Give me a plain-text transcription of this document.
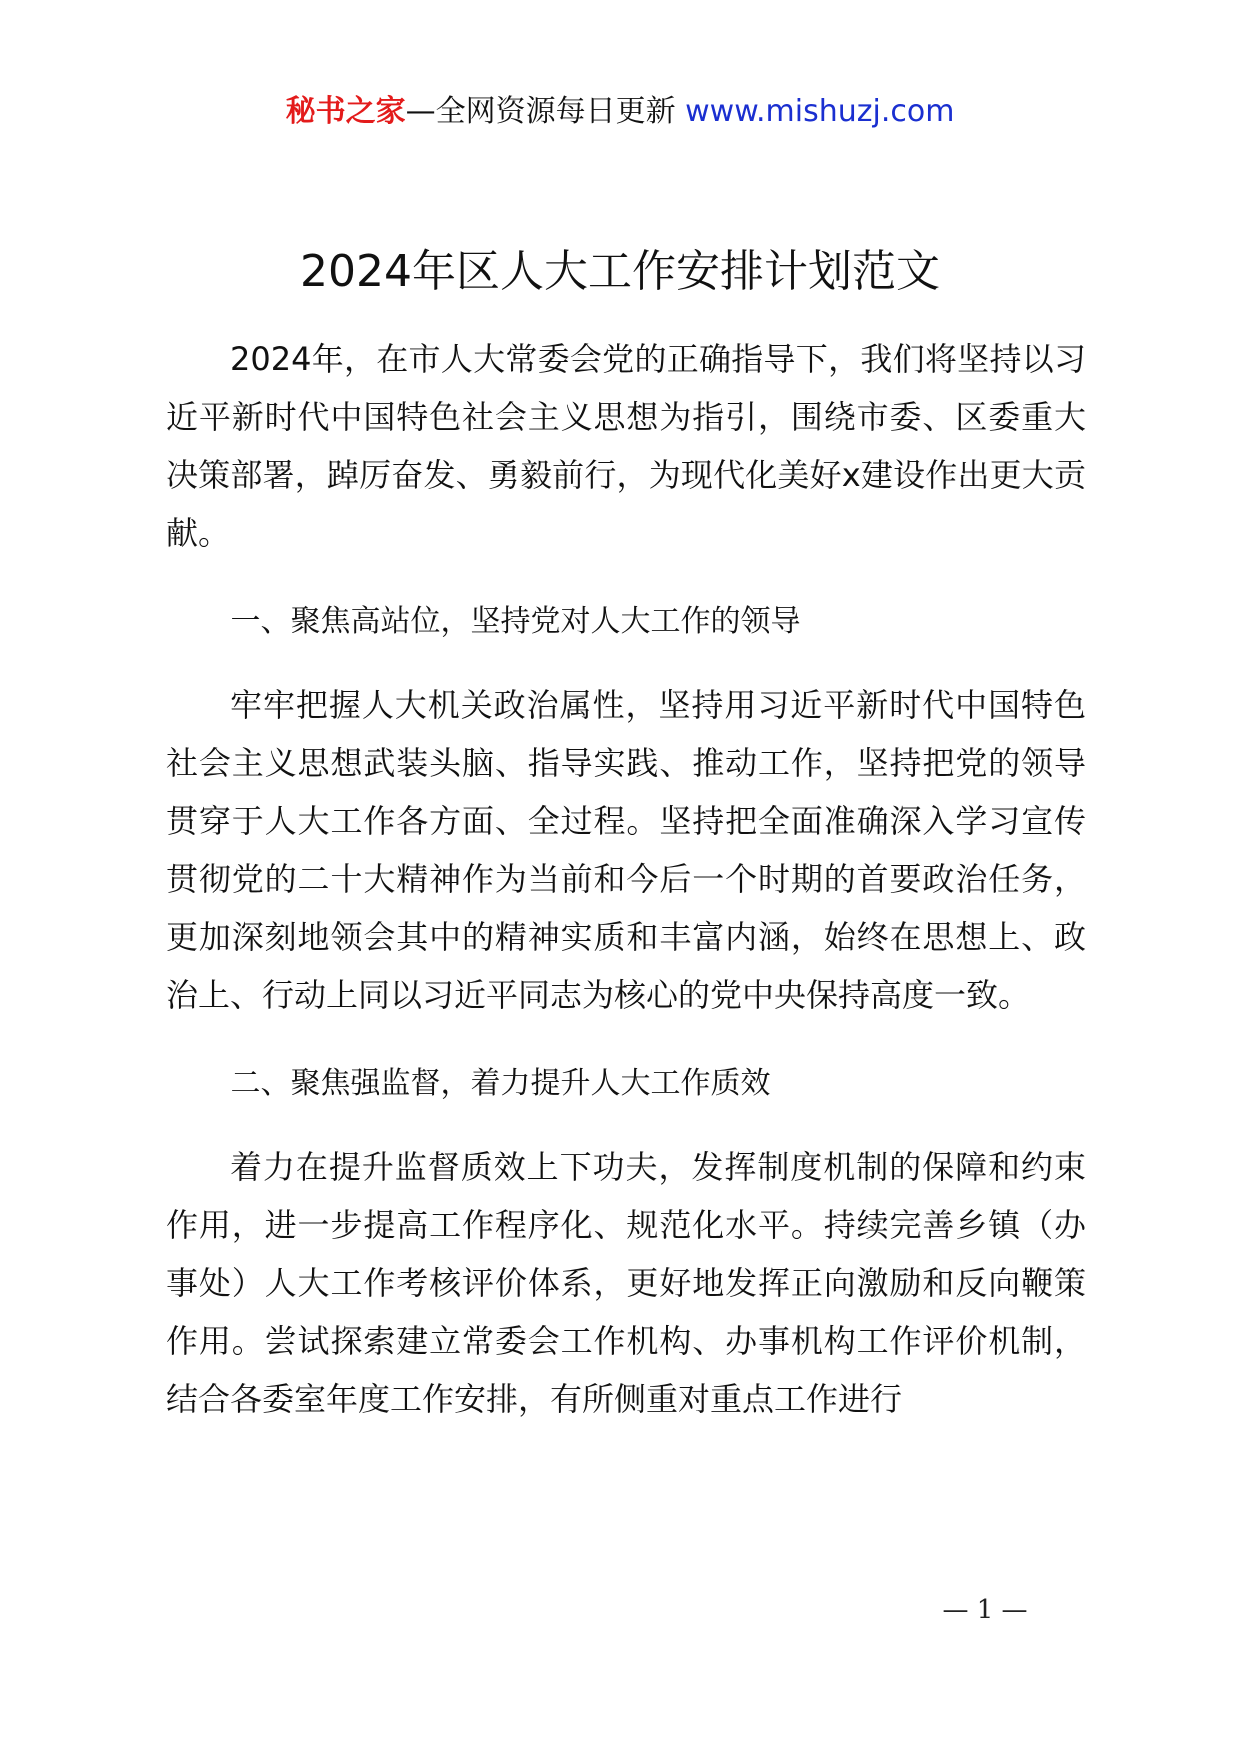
秘书之家—全网资源每日更新 www.mishuzj.com
2024年区人大工作安排计划范文

2024年，在市人大常委会党的正确指导下，我们将坚持以习近平新时代中国特色社会主义思想为指引，围绕市委、区委重大决策部署，踔厉奋发、勇毅前行，为现代化美好x建设作出更大贡献。

一、聚焦高站位，坚持党对人大工作的领导

牢牢把握人大机关政治属性，坚持用习近平新时代中国特色社会主义思想武装头脑、指导实践、推动工作，坚持把党的领导贯穿于人大工作各方面、全过程。坚持把全面准确深入学习宣传贯彻党的二十大精神作为当前和今后一个时期的首要政治任务，更加深刻地领会其中的精神实质和丰富内涵，始终在思想上、政治上、行动上同以习近平同志为核心的党中央保持高度一致。

二、聚焦强监督，着力提升人大工作质效

着力在提升监督质效上下功夫，发挥制度机制的保障和约束作用，进一步提高工作程序化、规范化水平。持续完善乡镇（办事处）人大工作考核评价体系，更好地发挥正向激励和反向鞭策作用。尝试探索建立常委会工作机构、办事机构工作评价机制，结合各委室年度工作安排，有所侧重对重点工作进行

— 1 —
